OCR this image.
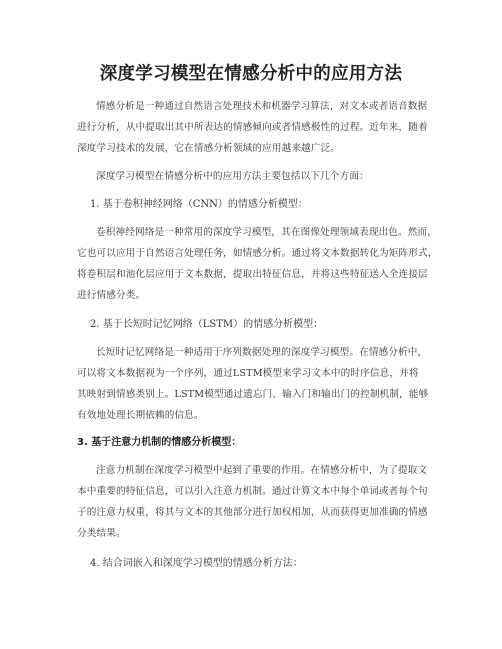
深度学习模型在情感分析中的应用方法

情感分析是一种通过自然语言处理技术和机器学习算法，对文本或者语音数据

进行分析，从中提取出其中所表达的情感倾向或者情感极性的过程。近年来，随着

深度学习技术的发展，它在情感分析领域的应用越来越广泛。

深度学习模型在情感分析中的应用方法主要包括以下几个方面：

1. 基于卷积神经网络（CNN）的情感分析模型：

卷积神经网络是一种常用的深度学习模型，其在图像处理领域表现出色。然而，

它也可以应用于自然语言处理任务，如情感分析。通过将文本数据转化为矩阵形式，

将卷积层和池化层应用于文本数据，提取出特征信息，并将这些特征送入全连接层

进行情感分类。

2. 基于长短时记忆网络（LSTM）的情感分析模型：

长短时记忆网络是一种适用于序列数据处理的深度学习模型。在情感分析中，

可以将文本数据视为一个序列，通过LSTM模型来学习文本中的时序信息，并将

其映射到情感类别上。LSTM模型通过遗忘门、输入门和输出门的控制机制，能够

有效地处理长期依赖的信息。

3. 基于注意力机制的情感分析模型：

注意力机制在深度学习模型中起到了重要的作用。在情感分析中，为了提取文

本中重要的特征信息，可以引入注意力机制。通过计算文本中每个单词或者每个句

子的注意力权重，将其与文本的其他部分进行加权相加，从而获得更加准确的情感

分类结果。

4. 结合词嵌入和深度学习模型的情感分析方法：
